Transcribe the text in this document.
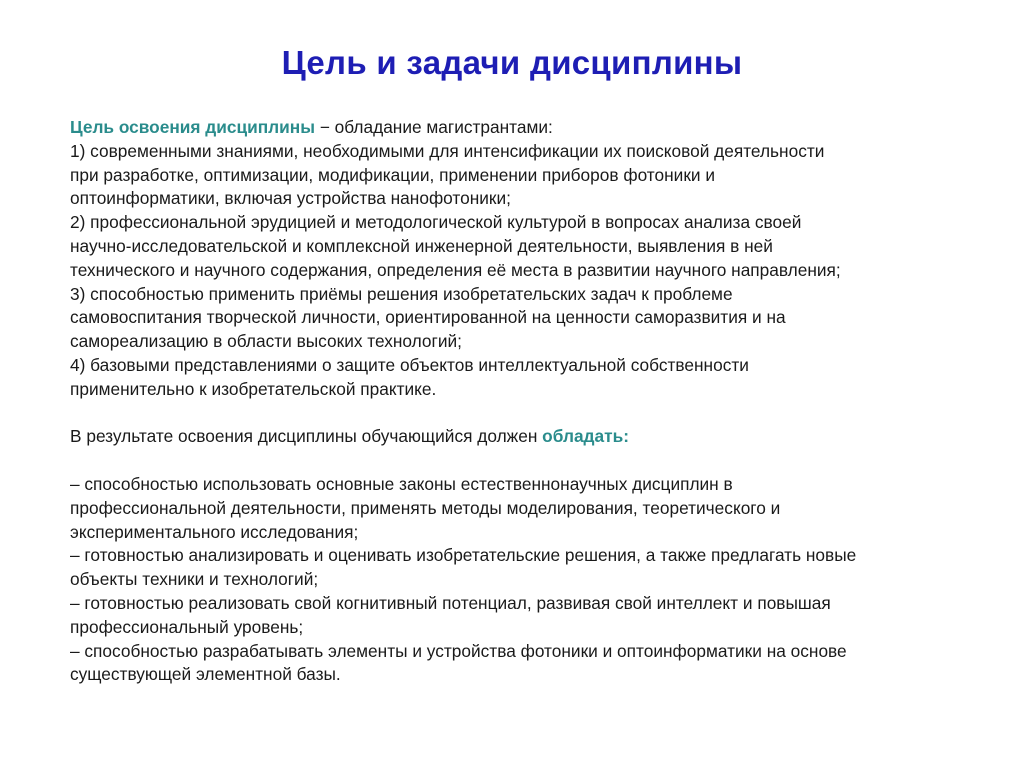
Цель и задачи дисциплины
Цель освоения дисциплины − обладание магистрантами:
1) современными знаниями, необходимыми для интенсификации их поисковой деятельности
при разработке, оптимизации, модификации, применении приборов фотоники и
оптоинформатики, включая устройства нанофотоники;
2) профессиональной эрудицией и методологической культурой в вопросах анализа своей
научно-исследовательской и комплексной инженерной деятельности, выявления в ней
технического и научного содержания, определения её места в развитии научного направления;
3) способностью применить приёмы решения изобретательских задач к проблеме
самовоспитания творческой личности, ориентированной на ценности саморазвития и на
самореализацию в области высоких технологий;
4) базовыми представлениями о защите объектов интеллектуальной собственности
применительно к изобретательской практике.
В результате освоения дисциплины обучающийся должен обладать:
– способностью использовать основные законы естественнонаучных дисциплин в
профессиональной деятельности, применять методы моделирования, теоретического и
экспериментального исследования;
– готовностью анализировать и оценивать изобретательские решения, а также предлагать новые
объекты техники и технологий;
– готовностью реализовать свой когнитивный потенциал, развивая свой интеллект и повышая
профессиональный уровень;
– способностью разрабатывать элементы и устройства фотоники и оптоинформатики на основе
существующей элементной базы.
